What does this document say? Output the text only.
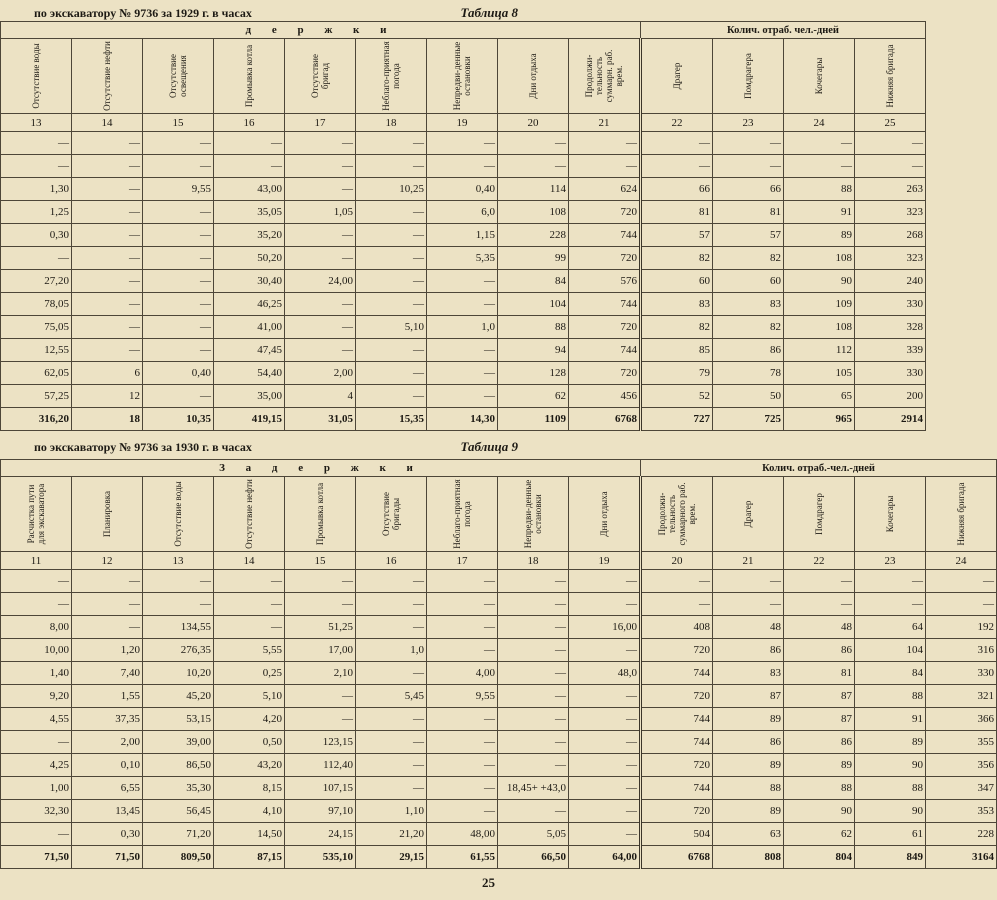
по экскаватору № 9736 за 1929 г. в часах	Таблица 8
д е р ж к и									Колич. отраб. чел.-дней			
Отсутствие воды	Отсутствие нефти	Отсутствие освещения	Промывка котла	Отсутствие бригад	Неблаго-приятная погода	Непредви-денные остановки	Дни отдыха	Продолжи-тельность суммарн. раб. врем.	Драгер	Помдрагера	Кочегары	Нижняя бригада
13	14	15	16	17	18	19	20	21	22	23	24	25
—	—	—	—	—	—	—	—	—	—	—	—	—
—	—	—	—	—	—	—	—	—	—	—	—	—
1,30	—	9,55	43,00	—	10,25	0,40	114	624	66	66	88	263
1,25	—	—	35,05	1,05	—	6,0	108	720	81	81	91	323
0,30	—	—	35,20	—	—	1,15	228	744	57	57	89	268
—	—	—	50,20	—	—	5,35	99	720	82	82	108	323
27,20	—	—	30,40	24,00	—	—	84	576	60	60	90	240
78,05	—	—	46,25	—	—	—	104	744	83	83	109	330
75,05	—	—	41,00	—	5,10	1,0	88	720	82	82	108	328
12,55	—	—	47,45	—	—	—	94	744	85	86	112	339
62,05	6	0,40	54,40	2,00	—	—	128	720	79	78	105	330
57,25	12	—	35,00	4	—	—	62	456	52	50	65	200
316,20	18	10,35	419,15	31,05	15,35	14,30	1109	6768	727	725	965	2914
по экскаватору № 9736 за 1930 г. в часах	Таблица 9
З а д е р ж к и									Колич. отраб.-чел.-дней				
Расчистка пути для экскаватора	Планировка	Отсутствие воды	Отсутствие нефти	Промывка котла	Отсутствие бригады	Неблаго-приятная погода	Непредви-денные остановки	Дни отдыха	Продолжи-тельность суммарного раб. врем.	Драгер	Помдрагер	Кочегары	Нижняя бригада
11	12	13	14	15	16	17	18	19	20	21	22	23	24
—	—	—	—	—	—	—	—	—	—	—	—	—	—
—	—	—	—	—	—	—	—	—	—	—	—	—	—
8,00	—	134,55	—	51,25	—	—	—	16,00	408	48	48	64	192
10,00	1,20	276,35	5,55	17,00	1,0	—	—	—	720	86	86	104	316
1,40	7,40	10,20	0,25	2,10	—	4,00	—	48,0	744	83	81	84	330
9,20	1,55	45,20	5,10	—	5,45	9,55	—	—	720	87	87	88	321
4,55	37,35	53,15	4,20	—	—	—	—	—	744	89	87	91	366
—	2,00	39,00	0,50	123,15	—	—	—	—	744	86	86	89	355
4,25	0,10	86,50	43,20	112,40	—	—	—	—	720	89	89	90	356
1,00	6,55	35,30	8,15	107,15	—	—	18,45+ +43,0	—	744	88	88	88	347
32,30	13,45	56,45	4,10	97,10	1,10	—	—	—	720	89	90	90	353
—	0,30	71,20	14,50	24,15	21,20	48,00	5,05	—	504	63	62	61	228
71,50	71,50	809,50	87,15	535,10	29,15	61,55	66,50	64,00	6768	808	804	849	3164
25
